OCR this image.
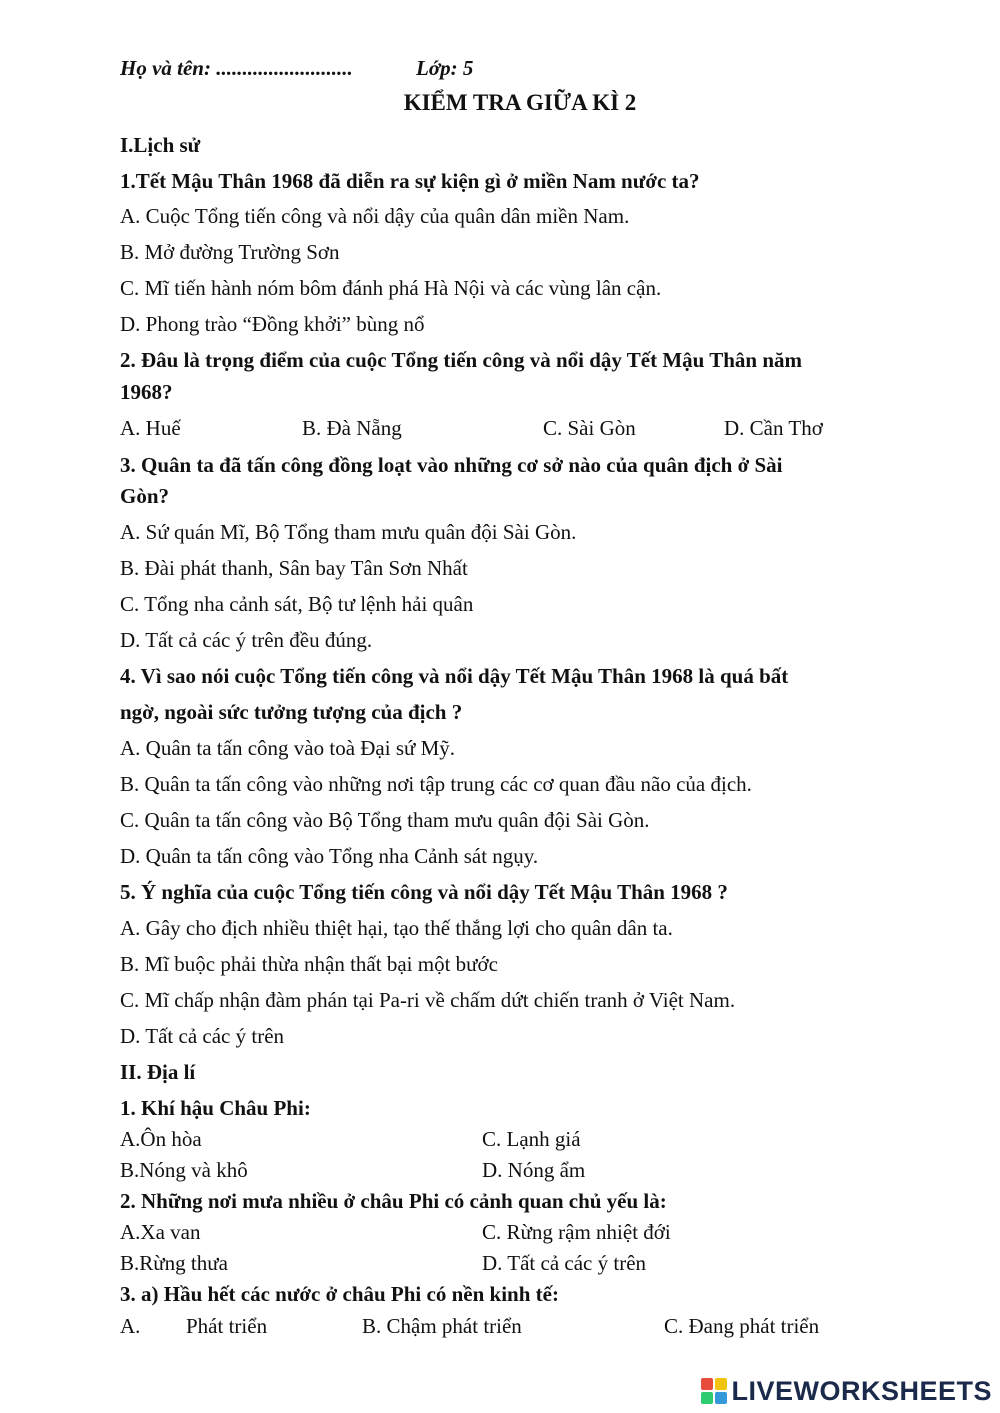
Họ và tên: ..........................	Lớp: 5
KIỂM TRA GIỮA KÌ 2
I.Lịch sử
1.Tết Mậu Thân 1968 đã diễn ra sự kiện gì ở miền Nam nước ta?
A. Cuộc Tổng tiến công và nổi dậy của quân dân miền Nam.
B. Mở đường Trường Sơn
C. Mĩ tiến hành nóm bôm đánh phá Hà Nội và các vùng lân cận.
D. Phong trào “Đồng khởi” bùng nổ
2. Đâu là trọng điểm của cuộc Tổng tiến công và nổi dậy Tết Mậu Thân năm
1968?
A. Huế	B. Đà Nẵng	C. Sài Gòn	D. Cần Thơ
3. Quân ta đã tấn công đồng loạt vào những cơ sở nào của quân địch ở Sài
Gòn?
A. Sứ quán Mĩ, Bộ Tổng tham mưu quân đội Sài Gòn.
B. Đài phát thanh, Sân bay Tân Sơn Nhất
C. Tổng nha cảnh sát, Bộ tư lệnh hải quân
D. Tất cả các ý trên đều đúng.
4. Vì sao nói cuộc Tổng tiến công và nổi dậy Tết Mậu Thân 1968 là quá bất
ngờ, ngoài sức tưởng tượng của địch ?
A. Quân ta tấn công vào toà Đại sứ Mỹ.
B. Quân ta tấn công vào những nơi tập trung các cơ quan đầu não của địch.
C. Quân ta tấn công vào Bộ Tổng tham mưu quân đội Sài Gòn.
D. Quân ta tấn công vào Tổng nha Cảnh sát ngụy.
5. Ý nghĩa của cuộc Tổng tiến công và nổi dậy Tết Mậu Thân 1968 ?
A. Gây cho địch nhiều thiệt hại, tạo thế thắng lợi cho quân dân ta.
B. Mĩ buộc phải thừa nhận thất bại một bước
C. Mĩ chấp nhận đàm phán tại Pa-ri về chấm dứt chiến tranh ở Việt Nam.
D. Tất cả các ý trên
II. Địa lí
1. Khí hậu Châu Phi:
A.Ôn hòa	C. Lạnh giá
B.Nóng và khô	D. Nóng ẩm
2. Những nơi mưa nhiều ở châu Phi có cảnh quan chủ yếu là:
A.Xa van	C. Rừng rậm nhiệt đới
B.Rừng thưa	D. Tất cả các ý trên
3. a) Hầu hết các nước ở châu Phi có nền kinh tế:
A. Phát triển	B. Chậm phát triển	C. Đang phát triển
LIVEWORKSHEETS
